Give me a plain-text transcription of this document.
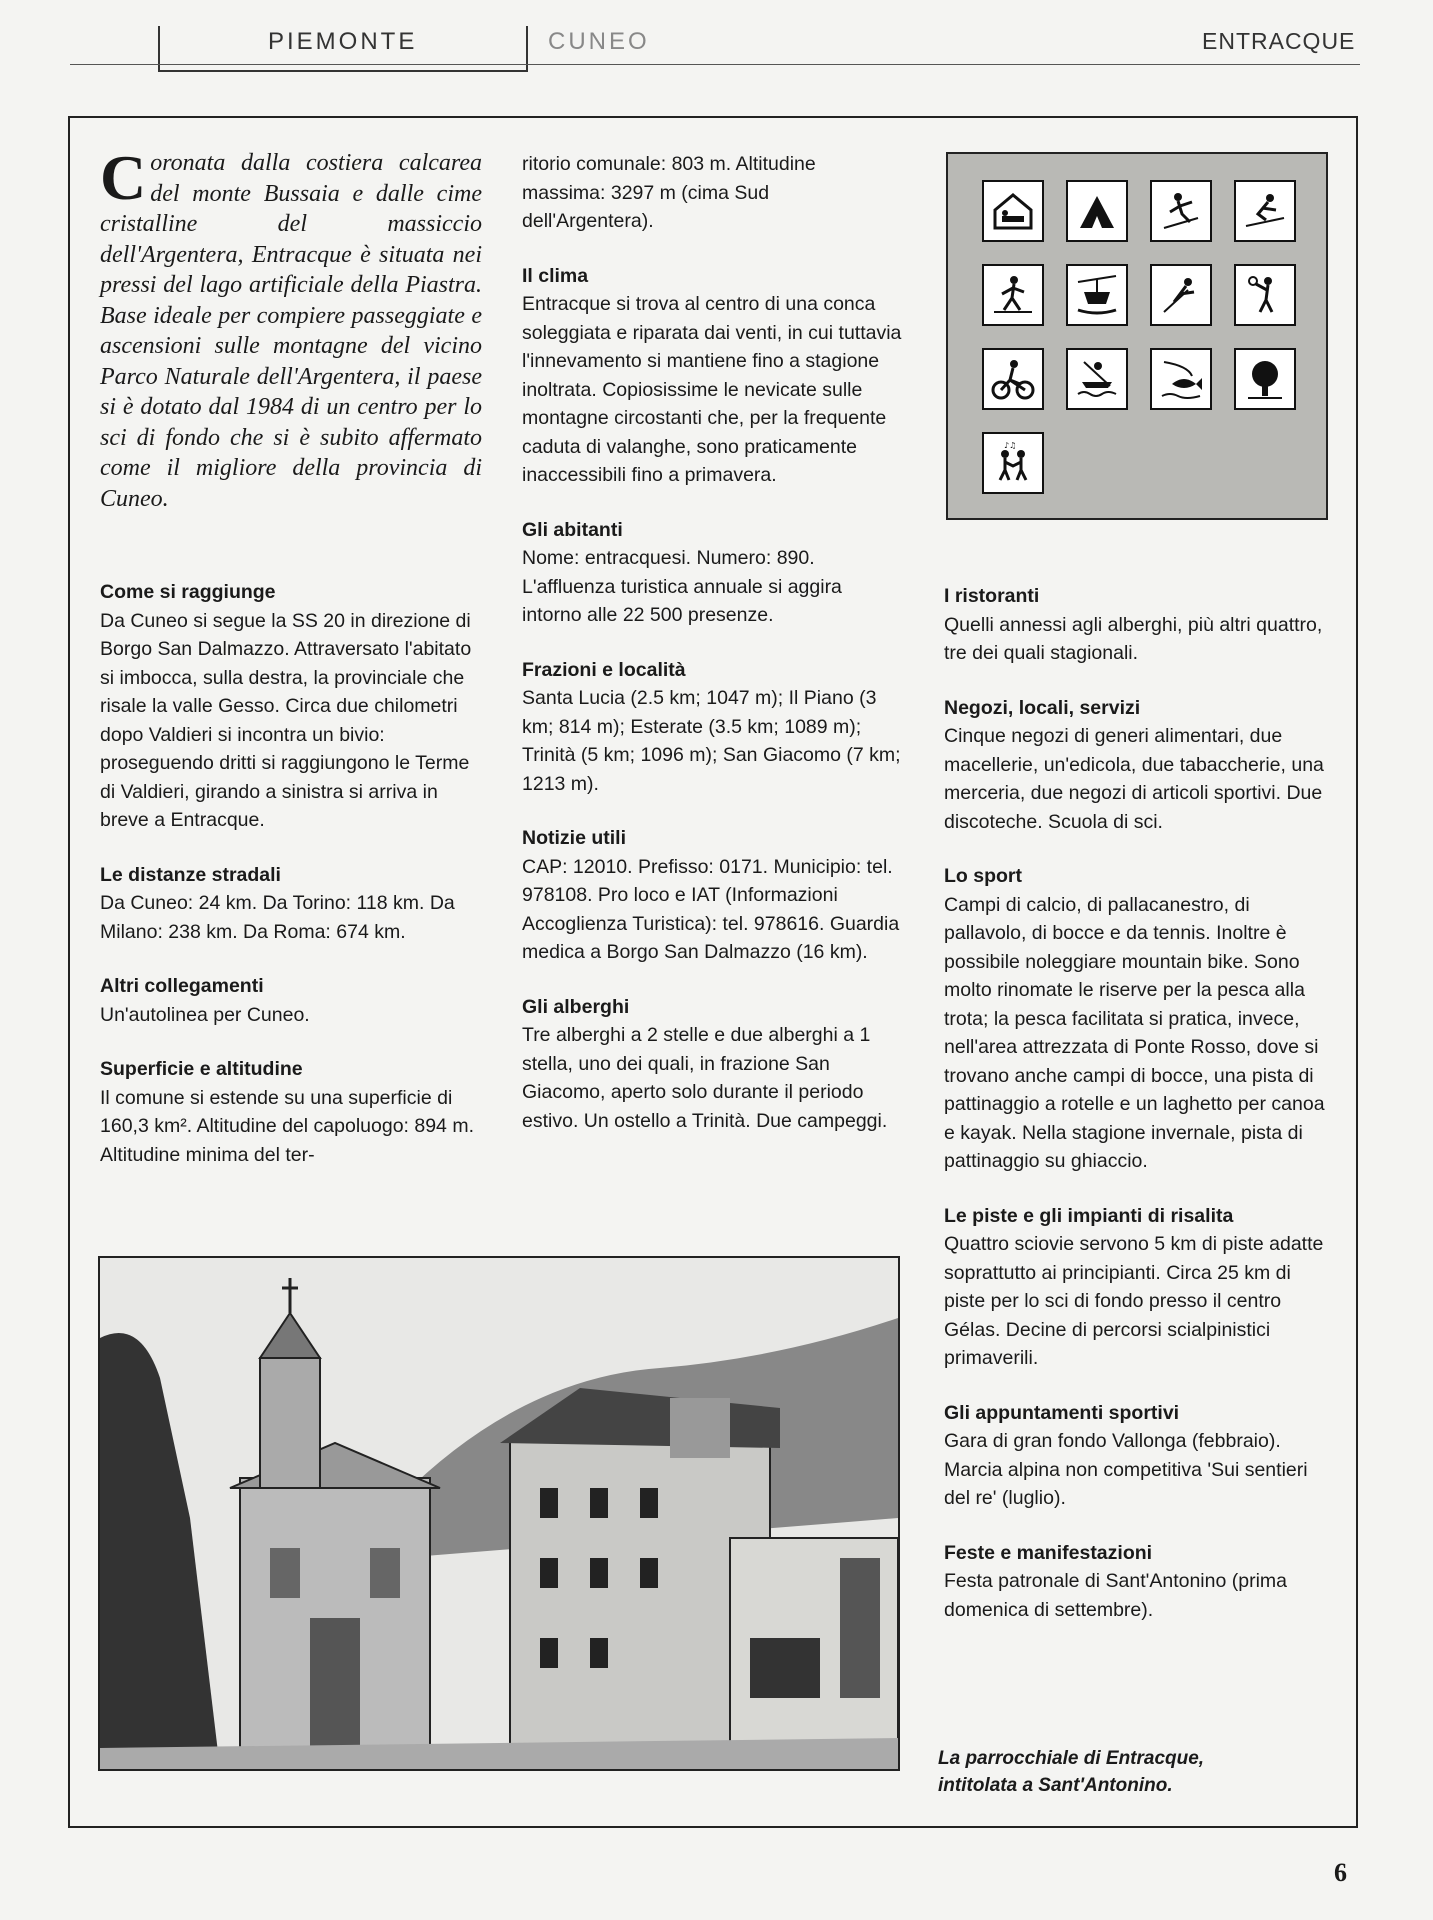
PIEMONTE	CUNEO	ENTRACQUE
Coronata dalla costiera calcarea del monte Bussaia e dalle cime cristalline del massiccio dell'Argentera, Entracque è situata nei pressi del lago artificiale della Piastra. Base ideale per compiere passeggiate e ascensioni sulle montagne del vicino Parco Naturale dell'Argentera, il paese si è dotato dal 1984 di un centro per lo sci di fondo che si è subito affermato come il migliore della provincia di Cuneo.

Come si raggiunge

Da Cuneo si segue la SS 20 in direzione di Borgo San Dalmazzo. Attraversato l'abitato si imbocca, sulla destra, la provinciale che risale la valle Gesso. Circa due chilometri dopo Valdieri si incontra un bivio: proseguendo dritti si raggiungono le Terme di Valdieri, girando a sinistra si arriva in breve a Entracque.

Le distanze stradali

Da Cuneo: 24 km. Da Torino: 118 km. Da Milano: 238 km. Da Roma: 674 km.

Altri collegamenti

Un'autolinea per Cuneo.

Superficie e altitudine

Il comune si estende su una superficie di 160,3 km². Altitudine del capoluogo: 894 m. Altitudine minima del ter-

ritorio comunale: 803 m. Altitudine massima: 3297 m (cima Sud dell'Argentera).

Il clima

Entracque si trova al centro di una conca soleggiata e riparata dai venti, in cui tuttavia l'innevamento si mantiene fino a stagione inoltrata. Copiosissime le nevicate sulle montagne circostanti che, per la frequente caduta di valanghe, sono praticamente inaccessibili fino a primavera.

Gli abitanti

Nome: entracquesi. Numero: 890. L'affluenza turistica annuale si aggira intorno alle 22 500 presenze.

Frazioni e località

Santa Lucia (2.5 km; 1047 m); Il Piano (3 km; 814 m); Esterate (3.5 km; 1089 m); Trinità (5 km; 1096 m); San Giacomo (7 km; 1213 m).

Notizie utili

CAP: 12010. Prefisso: 0171. Municipio: tel. 978108. Pro loco e IAT (Informazioni Accoglienza Turistica): tel. 978616. Guardia medica a Borgo San Dalmazzo (16 km).

Gli alberghi

Tre alberghi a 2 stelle e due alberghi a 1 stella, uno dei quali, in frazione San Giacomo, aperto solo durante il periodo estivo. Un ostello a Trinità. Due campeggi.

♪♫

I ristoranti

Quelli annessi agli alberghi, più altri quattro, tre dei quali stagionali.

Negozi, locali, servizi

Cinque negozi di generi alimentari, due macellerie, un'edicola, due tabaccherie, una merceria, due negozi di articoli sportivi. Due discoteche. Scuola di sci.

Lo sport

Campi di calcio, di pallacanestro, di pallavolo, di bocce e da tennis. Inoltre è possibile noleggiare mountain bike. Sono molto rinomate le riserve per la pesca alla trota; la pesca facilitata si pratica, invece, nell'area attrezzata di Ponte Rosso, dove si trovano anche campi di bocce, una pista di pattinaggio a rotelle e un laghetto per canoa e kayak. Nella stagione invernale, pista di pattinaggio su ghiaccio.

Le piste e gli impianti di risalita

Quattro sciovie servono 5 km di piste adatte soprattutto ai principianti. Circa 25 km di piste per lo sci di fondo presso il centro Gélas. Decine di percorsi scialpinistici primaverili.

Gli appuntamenti sportivi

Gara di gran fondo Vallonga (febbraio). Marcia alpina non competitiva 'Sui sentieri del re' (luglio).

Feste e manifestazioni

Festa patronale di Sant'Antonino (prima domenica di settembre).

La parrocchiale di Entracque,
intitolata a Sant'Antonino.
6
